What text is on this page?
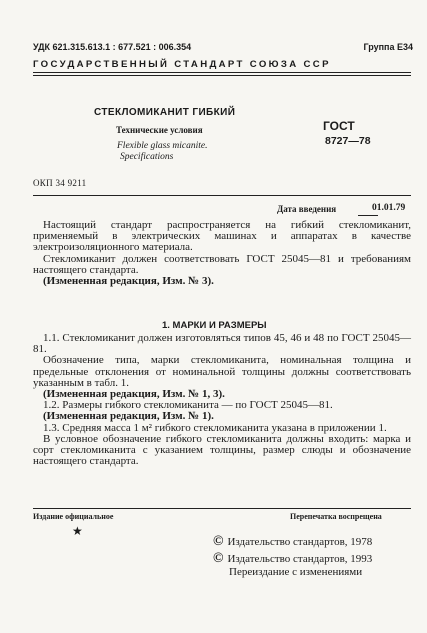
УДК 621.315.613.1 : 677.521 : 006.354	Группа Е34
ГОСУДАРСТВЕННЫЙ СТАНДАРТ СОЮЗА ССР
СТЕКЛОМИКАНИТ ГИБКИЙ
Технические условия
Flexible glass micanite.
Specifications
ГОСТ
8727—78
ОКП 34 9211
Дата введения	01.01.79

Настоящий стандарт распространяется на гибкий стекломиканит, применяемый в электрических машинах и аппаратах в качестве электроизоляционного материала.

Стекломиканит должен соответствовать ГОСТ 25045—81 и требованиям настоящего стандарта.

(Измененная редакция, Изм. № 3).

1. МАРКИ И РАЗМЕРЫ

1.1. Стекломиканит должен изготовляться типов 45, 46 и 48 по ГОСТ 25045—81.

Обозначение типа, марки стекломиканита, номинальная толщина и предельные отклонения от номинальной толщины должны соответствовать указанным в табл. 1.

(Измененная редакция, Изм. № 1, 3).

1.2. Размеры гибкого стекломиканита — по ГОСТ 25045—81.

(Измененная редакция, Изм. № 1).

1.3. Средняя масса 1 м² гибкого стекломиканита указана в приложении 1.

В условное обозначение гибкого стекломиканита должны входить: марка и сорт стекломиканита с указанием толщины, размер слюды и обозначение настоящего стандарта.

Издание официальное	Перепечатка воспрещена
★
© Издательство стандартов, 1978
© Издательство стандартов, 1993
Переиздание с изменениями
